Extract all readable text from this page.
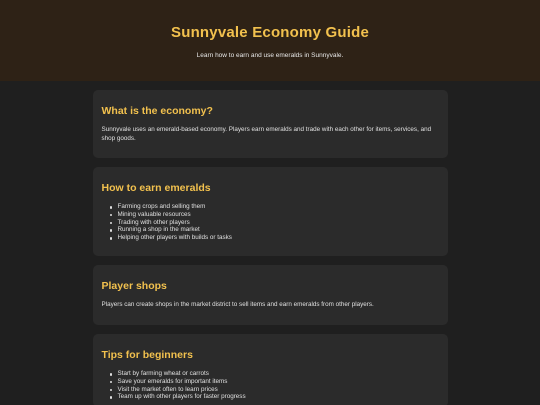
Sunnyvale Economy Guide

Learn how to earn and use emeralds in Sunnyvale.

What is the economy?

Sunnyvale uses an emerald-based economy. Players earn emeralds and trade with each other for items, services, and shop goods.

How to earn emeralds
Farming crops and selling them
Mining valuable resources
Trading with other players
Running a shop in the market
Helping other players with builds or tasks
Player shops

Players can create shops in the market district to sell items and earn emeralds from other players.

Tips for beginners
Start by farming wheat or carrots
Save your emeralds for important items
Visit the market often to learn prices
Team up with other players for faster progress
